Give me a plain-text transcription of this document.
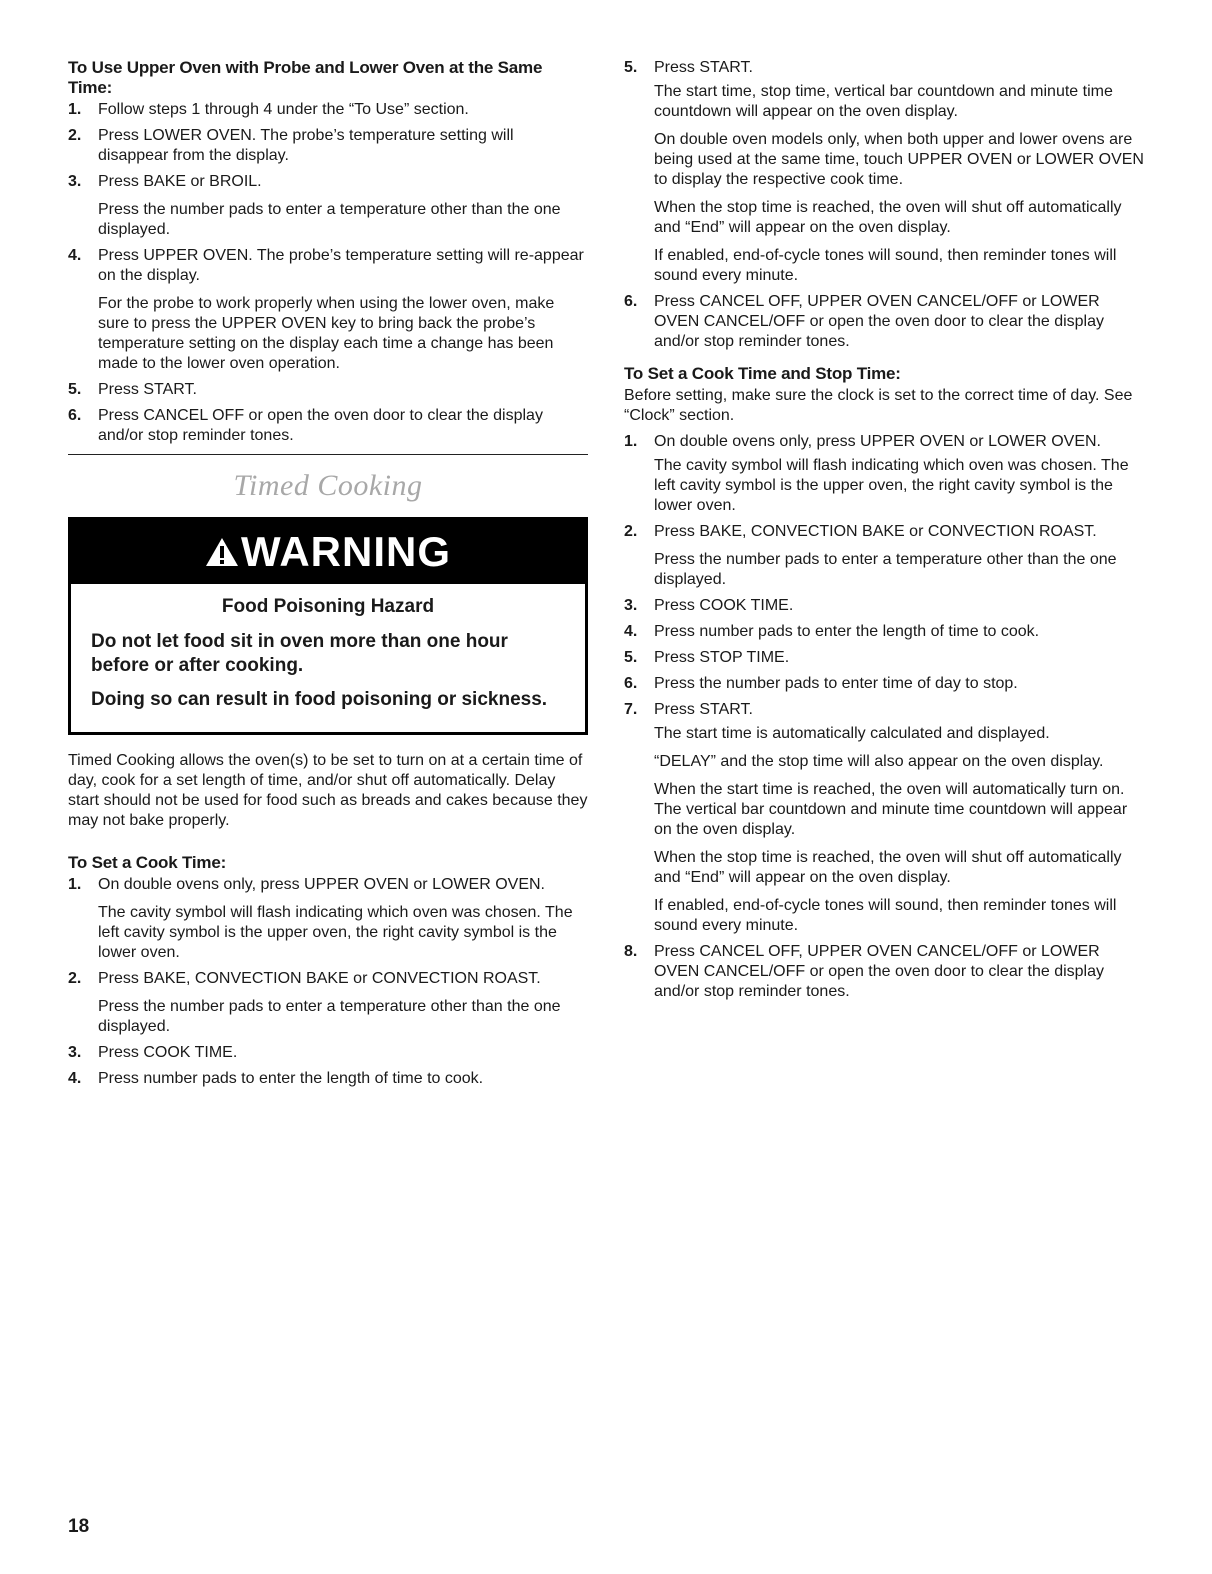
To Use Upper Oven with Probe and Lower Oven at the Same Time:
1. Follow steps 1 through 4 under the “To Use” section.
2. Press LOWER OVEN. The probe’s temperature setting will disappear from the display.
3. Press BAKE or BROIL.
Press the number pads to enter a temperature other than the one displayed.
4. Press UPPER OVEN. The probe’s temperature setting will re-appear on the display.
For the probe to work properly when using the lower oven, make sure to press the UPPER OVEN key to bring back the probe’s temperature setting on the display each time a change has been made to the lower oven operation.
5. Press START.
6. Press CANCEL OFF or open the oven door to clear the display and/or stop reminder tones.
Timed Cooking
WARNING
Food Poisoning Hazard
Do not let food sit in oven more than one hour before or after cooking.
Doing so can result in food poisoning or sickness.
Timed Cooking allows the oven(s) to be set to turn on at a certain time of day, cook for a set length of time, and/or shut off automatically. Delay start should not be used for food such as breads and cakes because they may not bake properly.
To Set a Cook Time:
1. On double ovens only, press UPPER OVEN or LOWER OVEN.
The cavity symbol will flash indicating which oven was chosen. The left cavity symbol is the upper oven, the right cavity symbol is the lower oven.
2. Press BAKE, CONVECTION BAKE or CONVECTION ROAST.
Press the number pads to enter a temperature other than the one displayed.
3. Press COOK TIME.
4. Press number pads to enter the length of time to cook.
5. Press START.
The start time, stop time, vertical bar countdown and minute time countdown will appear on the oven display.
On double oven models only, when both upper and lower ovens are being used at the same time, touch UPPER OVEN or LOWER OVEN to display the respective cook time.
When the stop time is reached, the oven will shut off automatically and “End” will appear on the oven display.
If enabled, end-of-cycle tones will sound, then reminder tones will sound every minute.
6. Press CANCEL OFF, UPPER OVEN CANCEL/OFF or LOWER OVEN CANCEL/OFF or open the oven door to clear the display and/or stop reminder tones.
To Set a Cook Time and Stop Time:
Before setting, make sure the clock is set to the correct time of day. See “Clock” section.
1. On double ovens only, press UPPER OVEN or LOWER OVEN.
The cavity symbol will flash indicating which oven was chosen. The left cavity symbol is the upper oven, the right cavity symbol is the lower oven.
2. Press BAKE, CONVECTION BAKE or CONVECTION ROAST.
Press the number pads to enter a temperature other than the one displayed.
3. Press COOK TIME.
4. Press number pads to enter the length of time to cook.
5. Press STOP TIME.
6. Press the number pads to enter time of day to stop.
7. Press START.
The start time is automatically calculated and displayed.
“DELAY” and the stop time will also appear on the oven display.
When the start time is reached, the oven will automatically turn on. The vertical bar countdown and minute time countdown will appear on the oven display.
When the stop time is reached, the oven will shut off automatically and “End” will appear on the oven display.
If enabled, end-of-cycle tones will sound, then reminder tones will sound every minute.
8. Press CANCEL OFF, UPPER OVEN CANCEL/OFF or LOWER OVEN CANCEL/OFF or open the oven door to clear the display and/or stop reminder tones.
18
